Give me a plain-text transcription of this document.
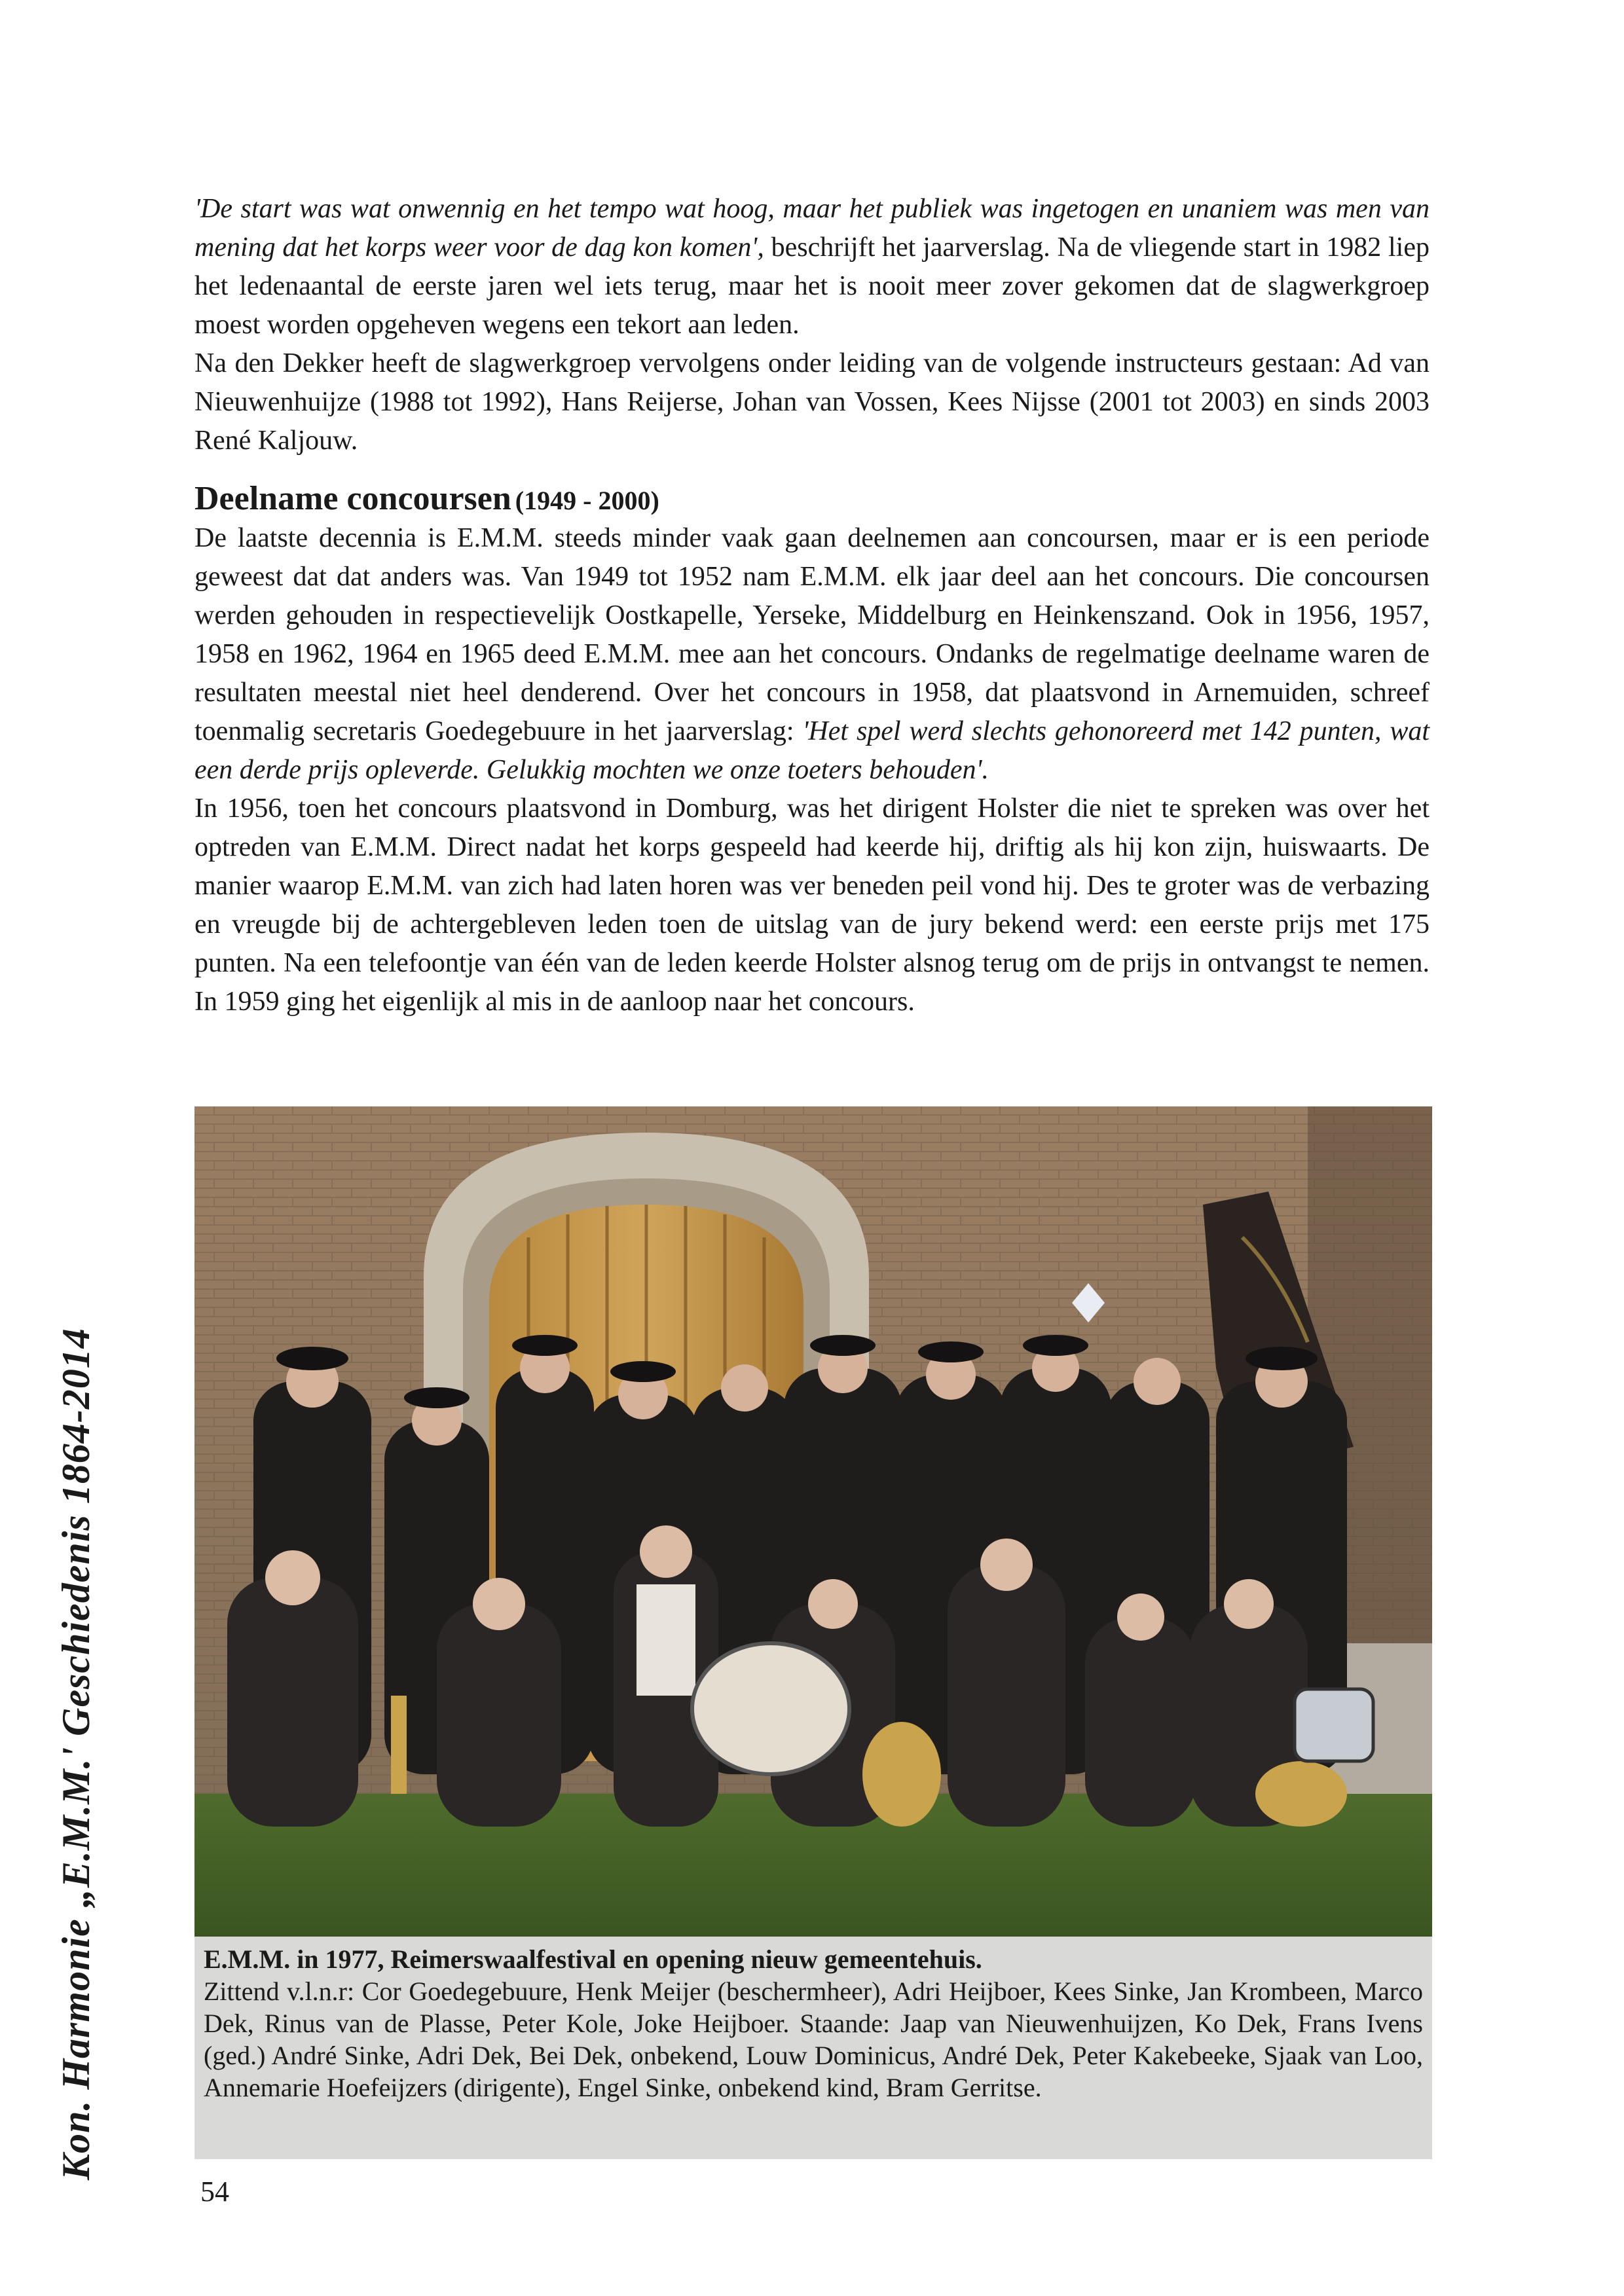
'De start was wat onwennig en het tempo wat hoog, maar het publiek was ingetogen en unaniem was men van mening dat het korps weer voor de dag kon komen', beschrijft het jaarverslag. Na de vliegende start in 1982 liep het ledenaantal de eerste jaren wel iets terug, maar het is nooit meer zover gekomen dat de slagwerkgroep moest worden opgeheven wegens een tekort aan leden.

Na den Dekker heeft de slagwerkgroep vervolgens onder leiding van de volgende instructeurs gestaan: Ad van Nieuwenhuijze (1988 tot 1992), Hans Reijerse, Johan van Vossen, Kees Nijsse (2001 tot 2003) en sinds 2003 René Kaljouw.

Deelname concoursen (1949 - 2000)

De laatste decennia is E.M.M. steeds minder vaak gaan deelnemen aan concoursen, maar er is een periode geweest dat dat anders was. Van 1949 tot 1952 nam E.M.M. elk jaar deel aan het concours. Die concoursen werden gehouden in respectievelijk Oostkapelle, Yerseke, Middelburg en Heinkenszand. Ook in 1956, 1957, 1958 en 1962, 1964 en 1965 deed E.M.M. mee aan het concours. Ondanks de regelmatige deelname waren de resultaten meestal niet heel denderend. Over het concours in 1958, dat plaatsvond in Arnemuiden, schreef toenmalig secretaris Goedegebuure in het jaarverslag: 'Het spel werd slechts gehonoreerd met 142 punten, wat een derde prijs opleverde. Gelukkig mochten we onze toeters behouden'.

In 1956, toen het concours plaatsvond in Domburg, was het dirigent Holster die niet te spreken was over het optreden van E.M.M. Direct nadat het korps gespeeld had keerde hij, driftig als hij kon zijn, huiswaarts. De manier waarop E.M.M. van zich had laten horen was ver beneden peil vond hij. Des te groter was de verbazing en vreugde bij de achtergebleven leden toen de uitslag van de jury bekend werd: een eerste prijs met 175 punten. Na een telefoontje van één van de leden keerde Holster alsnog terug om de prijs in ontvangst te nemen. In 1959 ging het eigenlijk al mis in de aanloop naar het concours.

E.M.M. in 1977, Reimerswaalfestival en opening nieuw gemeentehuis.
Zittend v.l.n.r: Cor Goedegebuure, Henk Meijer (beschermheer), Adri Heijboer, Kees Sinke, Jan Krombeen, Marco Dek, Rinus van de Plasse, Peter Kole, Joke Heijboer. Staande: Jaap van Nieuwenhuijzen, Ko Dek, Frans Ivens (ged.) André Sinke, Adri Dek, Bei Dek, onbekend, Louw Dominicus, André Dek, Peter Kakebeeke, Sjaak van Loo, Annemarie Hoefeijzers (dirigente), Engel Sinke, onbekend kind, Bram Gerritse.
Kon. Harmonie „E.M.M.' Geschiedenis 1864-2014
54
